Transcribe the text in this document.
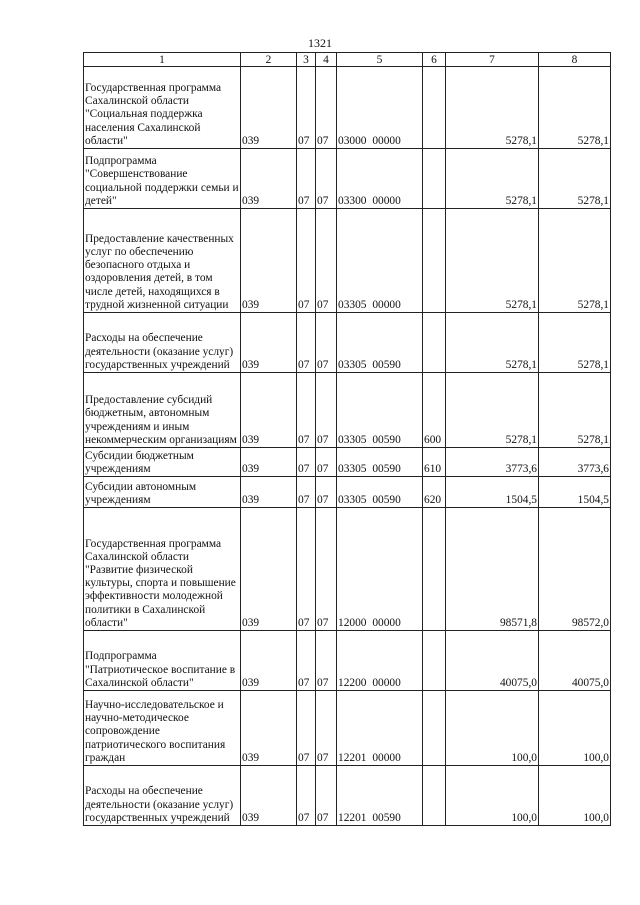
1321
1	2	3	4	5	6	7	8
Государственная программа Сахалинской области "Социальная поддержка населения Сахалинской области"	039	07	07	03000 00000		5278,1	5278,1
Подпрограмма "Совершенствование социальной поддержки семьи и детей"	039	07	07	03300 00000		5278,1	5278,1
Предоставление качественных услуг по обеспечению безопасного отдыха и оздоровления детей, в том числе детей, находящихся в трудной жизненной ситуации	039	07	07	03305 00000		5278,1	5278,1
Расходы на обеспечение деятельности (оказание услуг) государственных учреждений	039	07	07	03305 00590		5278,1	5278,1
Предоставление субсидий бюджетным, автономным учреждениям и иным некоммерческим организациям	039	07	07	03305 00590	600	5278,1	5278,1
Субсидии бюджетным учреждениям	039	07	07	03305 00590	610	3773,6	3773,6
Субсидии автономным учреждениям	039	07	07	03305 00590	620	1504,5	1504,5
Государственная программа Сахалинской области "Развитие физической культуры, спорта и повышение эффективности молодежной политики в Сахалинской области"	039	07	07	12000 00000		98571,8	98572,0
Подпрограмма "Патриотическое воспитание в Сахалинской области"	039	07	07	12200 00000		40075,0	40075,0
Научно-исследовательское и научно-методическое сопровождение патриотического воспитания граждан	039	07	07	12201 00000		100,0	100,0
Расходы на обеспечение деятельности (оказание услуг) государственных учреждений	039	07	07	12201 00590		100,0	100,0
